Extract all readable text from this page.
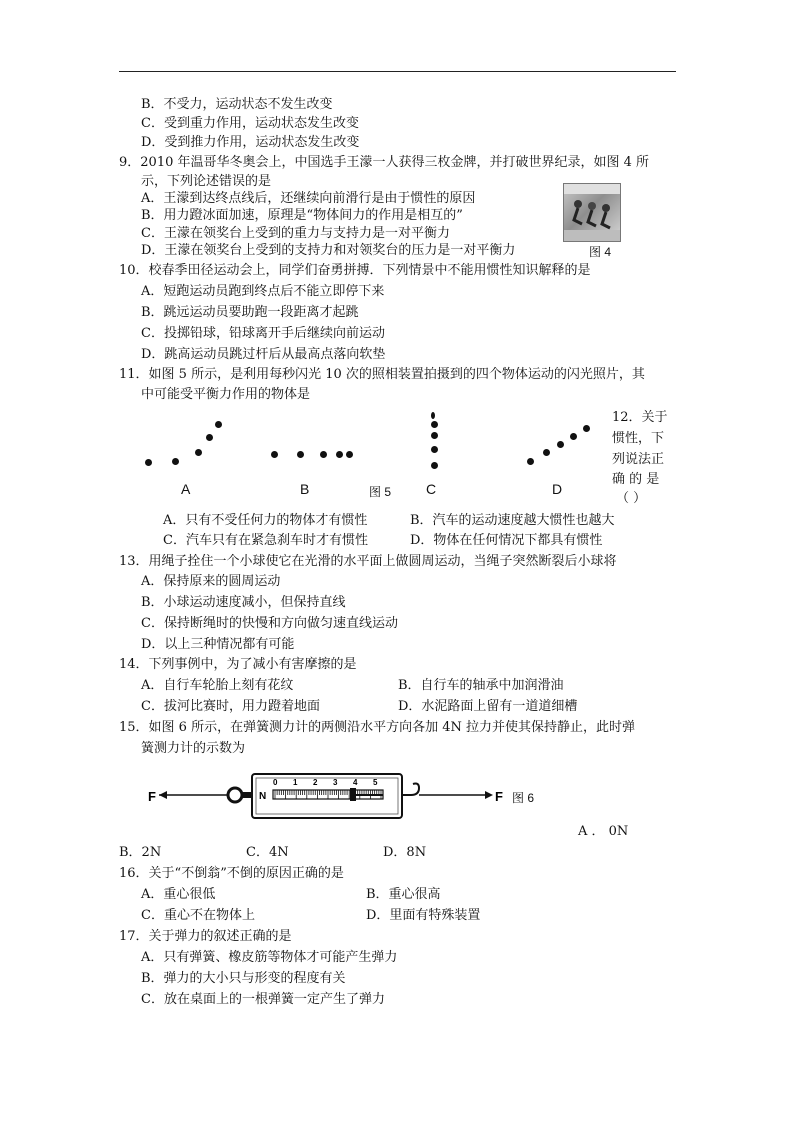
B．不受力，运动状态不发生改变
C．受到重力作用，运动状态发生改变
D．受到推力作用，运动状态发生改变
9．2010 年温哥华冬奥会上，中国选手王濛一人获得三枚金牌，并打破世界纪录，如图 4 所
示，下列论述错误的是
A．王濛到达终点线后，还继续向前滑行是由于惯性的原因
B．用力蹬冰面加速，原理是“物体间力的作用是相互的”
C．王濛在领奖台上受到的重力与支持力是一对平衡力
D．王濛在领奖台上受到的支持力和对领奖台的压力是一对平衡力	图 4
10．校春季田径运动会上，同学们奋勇拼搏．下列情景中不能用惯性知识解释的是
A．短跑运动员跑到终点后不能立即停下来
B．跳远运动员要助跑一段距离才起跳
C．投掷铅球，铅球离开手后继续向前运动
D．跳高运动员跳过杆后从最高点落向软垫
11．如图 5 所示，是利用每秒闪光 10 次的照相装置拍摄到的四个物体运动的闪光照片，其
中可能受平衡力作用的物体是
A	B	图 5 C	D
12．关于
惯性，下
列说法正
确 的 是
（ ）
A．只有不受任何力的物体才有惯性	B．汽车的运动速度越大惯性也越大
C．汽车只有在紧急刹车时才有惯性	D．物体在任何情况下都具有惯性
13．用绳子拴住一个小球使它在光滑的水平面上做圆周运动，当绳子突然断裂后小球将
A．保持原来的圆周运动
B．小球运动速度减小，但保持直线
C．保持断绳时的快慢和方向做匀速直线运动
D．以上三种情况都有可能
14．下列事例中，为了减小有害摩擦的是
A．自行车轮胎上刻有花纹	B．自行车的轴承中加润滑油
C．拔河比赛时，用力蹬着地面	D．水泥路面上留有一道道细槽
15．如图 6 所示，在弹簧测力计的两侧沿水平方向各加 4N 拉力并使其保持静止，此时弹
簧测力计的示数为
F	N
0 1 2 3 4 5
F 图 6
A ． 0N
B．2N	C．4N	D．8N
16．关于“不倒翁”不倒的原因正确的是
A．重心很低	B．重心很高
C．重心不在物体上	D．里面有特殊装置
17．关于弹力的叙述正确的是
A．只有弹簧、橡皮筋等物体才可能产生弹力
B．弹力的大小只与形变的程度有关
C．放在桌面上的一根弹簧一定产生了弹力
